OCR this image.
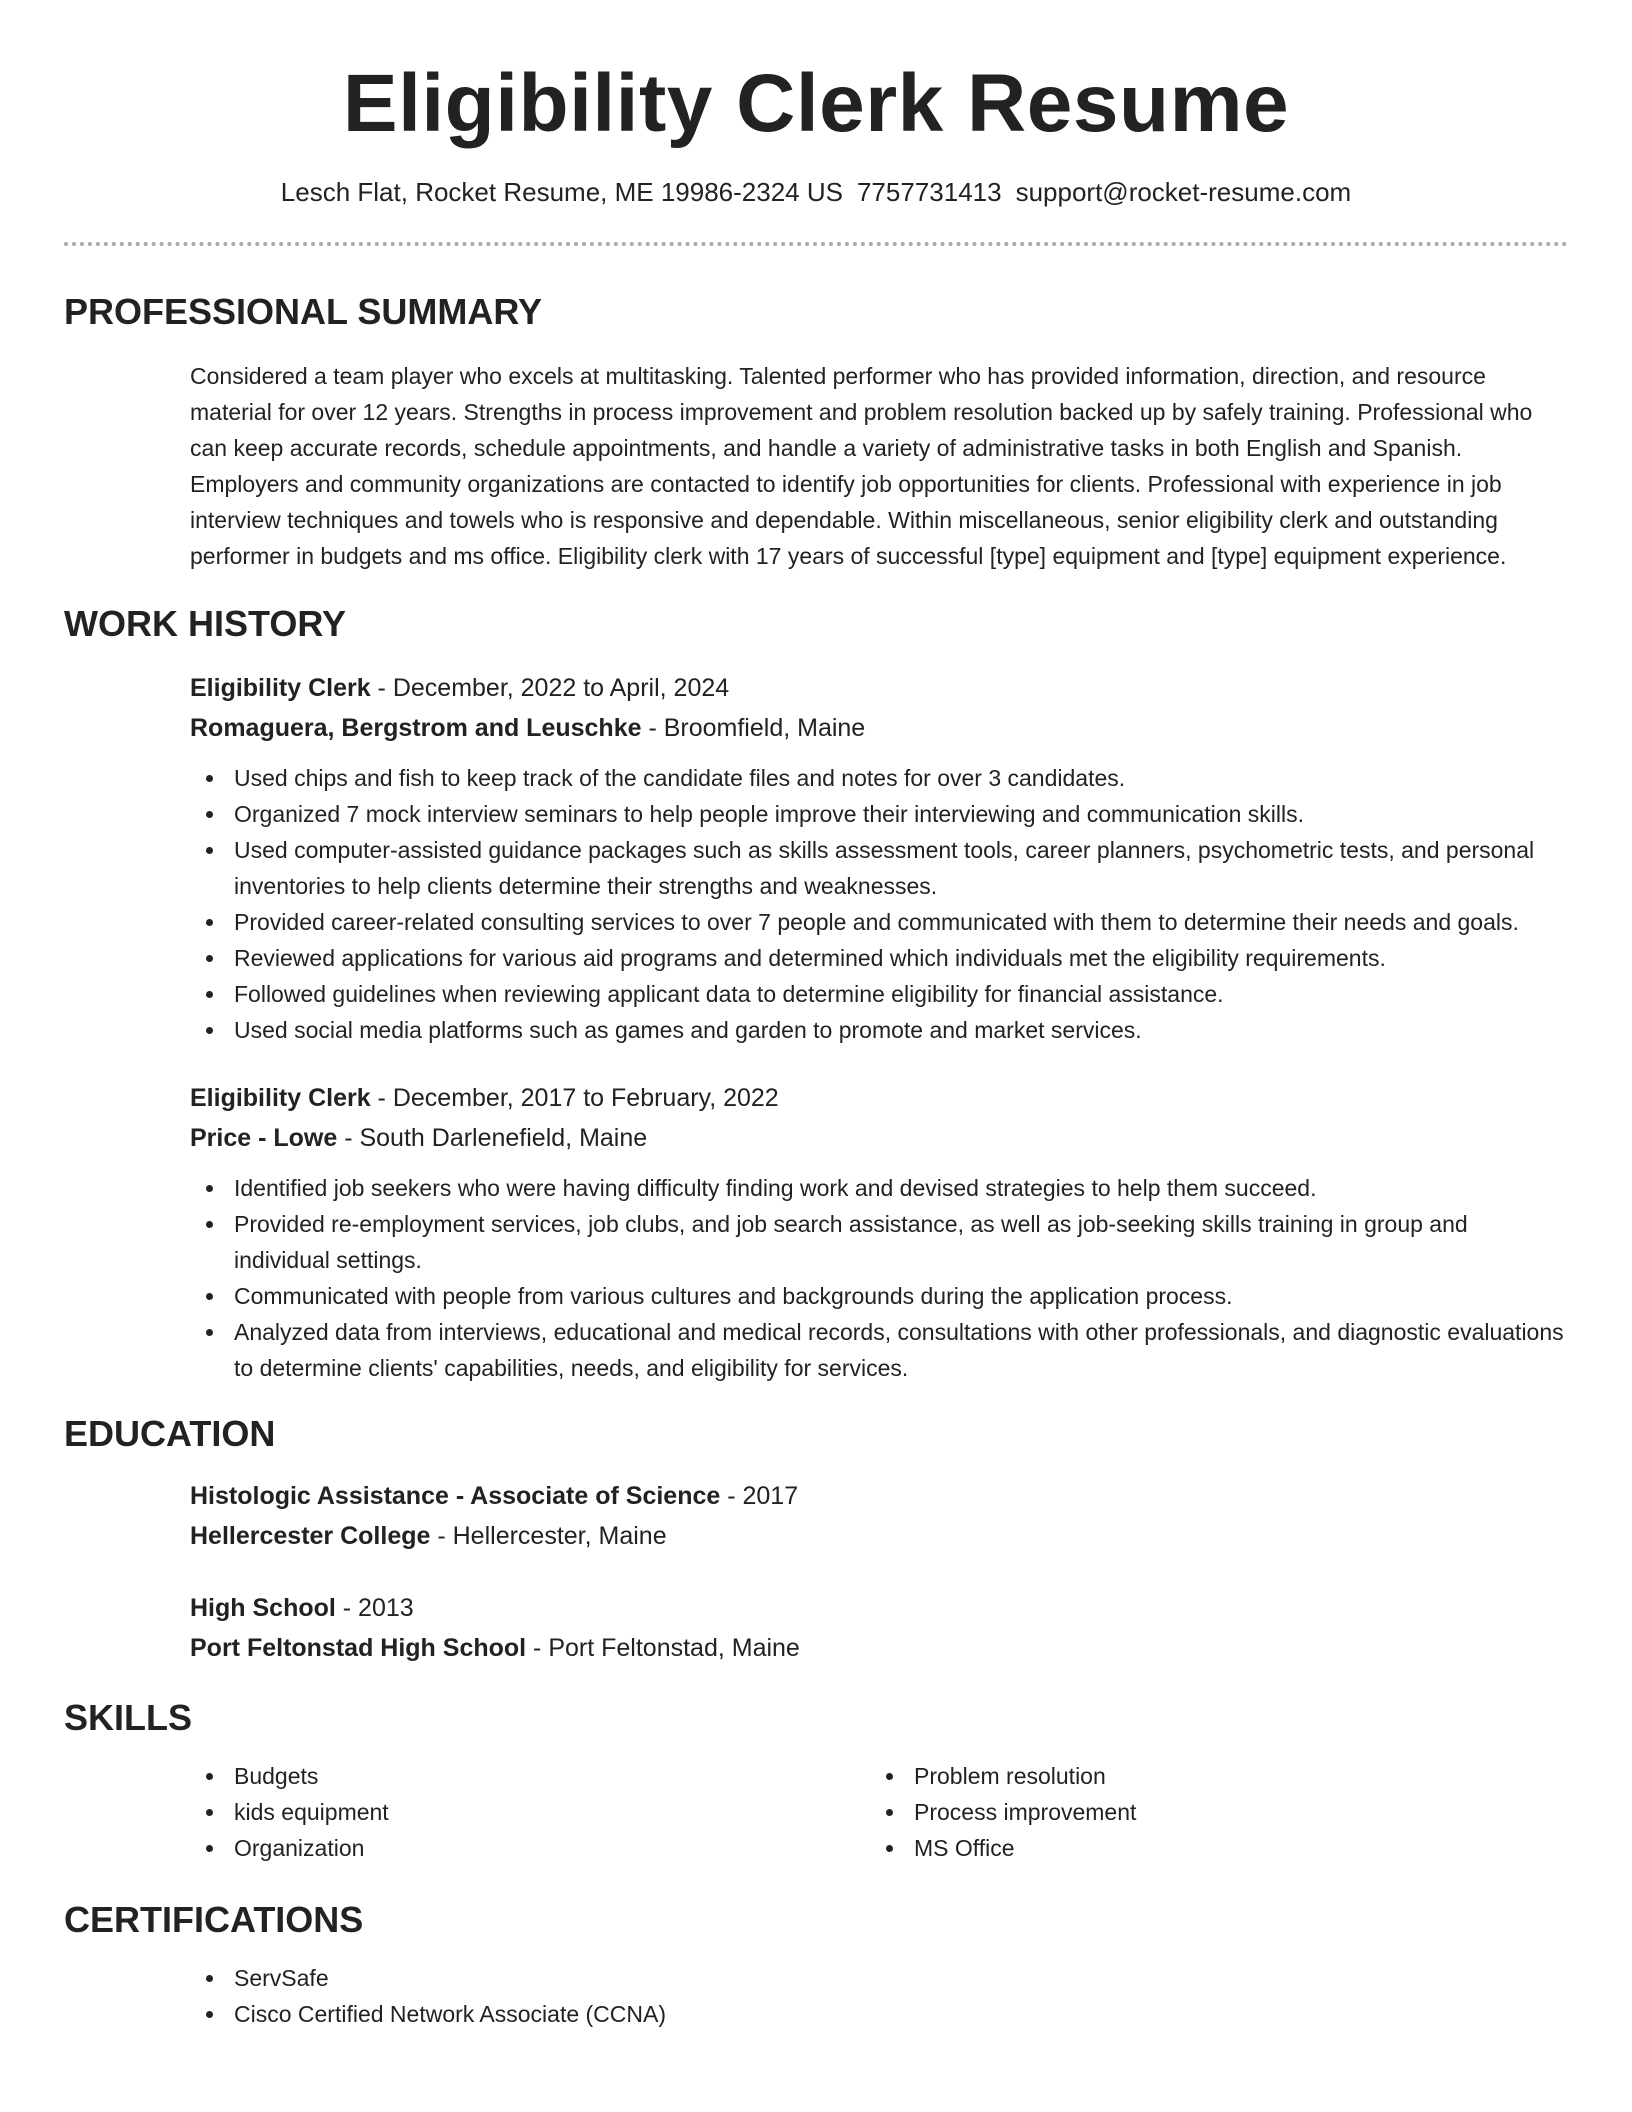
Eligibility Clerk Resume
Lesch Flat, Rocket Resume, ME 19986-2324 US 7757731413 support@rocket-resume.com
PROFESSIONAL SUMMARY

Considered a team player who excels at multitasking. Talented performer who has provided information, direction, and resource material for over 12 years. Strengths in process improvement and problem resolution backed up by safely training. Professional who can keep accurate records, schedule appointments, and handle a variety of administrative tasks in both English and Spanish. Employers and community organizations are contacted to identify job opportunities for clients. Professional with experience in job interview techniques and towels who is responsive and dependable. Within miscellaneous, senior eligibility clerk and outstanding performer in budgets and ms office. Eligibility clerk with 17 years of successful [type] equipment and [type] equipment experience.

WORK HISTORY
Eligibility Clerk - December, 2022 to April, 2024
Romaguera, Bergstrom and Leuschke - Broomfield, Maine
Used chips and fish to keep track of the candidate files and notes for over 3 candidates.
Organized 7 mock interview seminars to help people improve their interviewing and communication skills.
Used computer-assisted guidance packages such as skills assessment tools, career planners, psychometric tests, and personal inventories to help clients determine their strengths and weaknesses.
Provided career-related consulting services to over 7 people and communicated with them to determine their needs and goals.
Reviewed applications for various aid programs and determined which individuals met the eligibility requirements.
Followed guidelines when reviewing applicant data to determine eligibility for financial assistance.
Used social media platforms such as games and garden to promote and market services.
Eligibility Clerk - December, 2017 to February, 2022
Price - Lowe - South Darlenefield, Maine
Identified job seekers who were having difficulty finding work and devised strategies to help them succeed.
Provided re-employment services, job clubs, and job search assistance, as well as job-seeking skills training in group and individual settings.
Communicated with people from various cultures and backgrounds during the application process.
Analyzed data from interviews, educational and medical records, consultations with other professionals, and diagnostic evaluations to determine clients' capabilities, needs, and eligibility for services.
EDUCATION
Histologic Assistance - Associate of Science - 2017
Hellercester College - Hellercester, Maine
High School - 2013
Port Feltonstad High School - Port Feltonstad, Maine
SKILLS
Budgets
kids equipment
Organization
Problem resolution
Process improvement
MS Office
CERTIFICATIONS
ServSafe
Cisco Certified Network Associate (CCNA)
